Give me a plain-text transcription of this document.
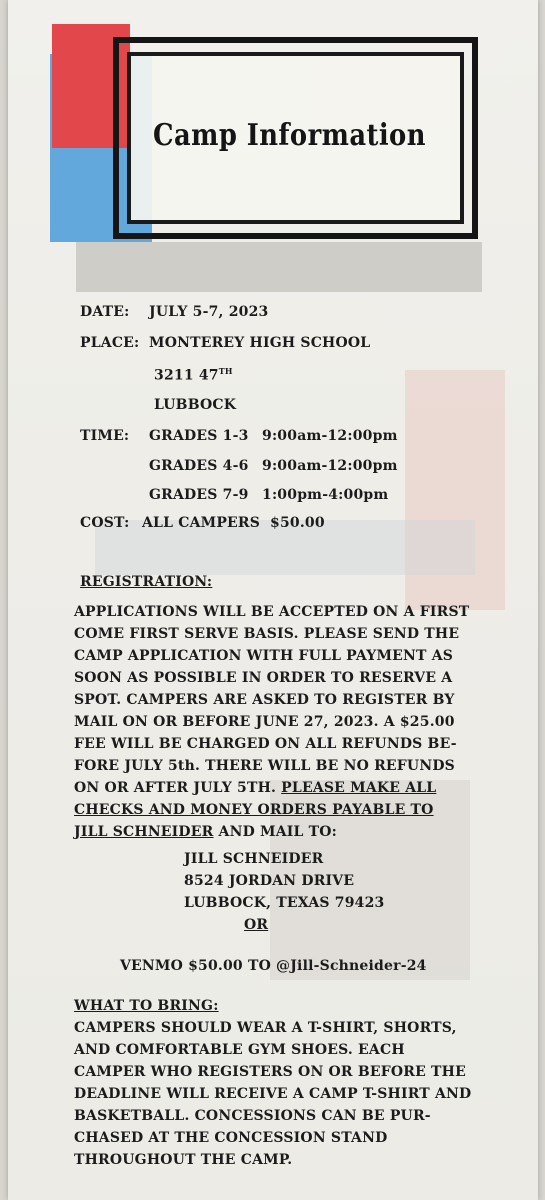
Camp Information
DATE: JULY 5-7, 2023
PLACE: MONTEREY HIGH SCHOOL
3211 47TH
LUBBOCK
TIME: GRADES 1-3 9:00am-12:00pm
GRADES 4-6 9:00am-12:00pm
GRADES 7-9 1:00pm-4:00pm
COST: ALL CAMPERS $50.00
REGISTRATION:
APPLICATIONS WILL BE ACCEPTED ON A FIRST
COME FIRST SERVE BASIS. PLEASE SEND THE
CAMP APPLICATION WITH FULL PAYMENT AS
SOON AS POSSIBLE IN ORDER TO RESERVE A
SPOT. CAMPERS ARE ASKED TO REGISTER BY
MAIL ON OR BEFORE JUNE 27, 2023. A $25.00
FEE WILL BE CHARGED ON ALL REFUNDS BE-
FORE JULY 5th. THERE WILL BE NO REFUNDS
ON OR AFTER JULY 5TH. PLEASE MAKE ALL
CHECKS AND MONEY ORDERS PAYABLE TO
JILL SCHNEIDER AND MAIL TO:
JILL SCHNEIDER
8524 JORDAN DRIVE
LUBBOCK, TEXAS 79423
OR
VENMO $50.00 TO @Jill-Schneider-24
WHAT TO BRING:
CAMPERS SHOULD WEAR A T-SHIRT, SHORTS,
AND COMFORTABLE GYM SHOES. EACH
CAMPER WHO REGISTERS ON OR BEFORE THE
DEADLINE WILL RECEIVE A CAMP T-SHIRT AND
BASKETBALL. CONCESSIONS CAN BE PUR-
CHASED AT THE CONCESSION STAND
THROUGHOUT THE CAMP.
